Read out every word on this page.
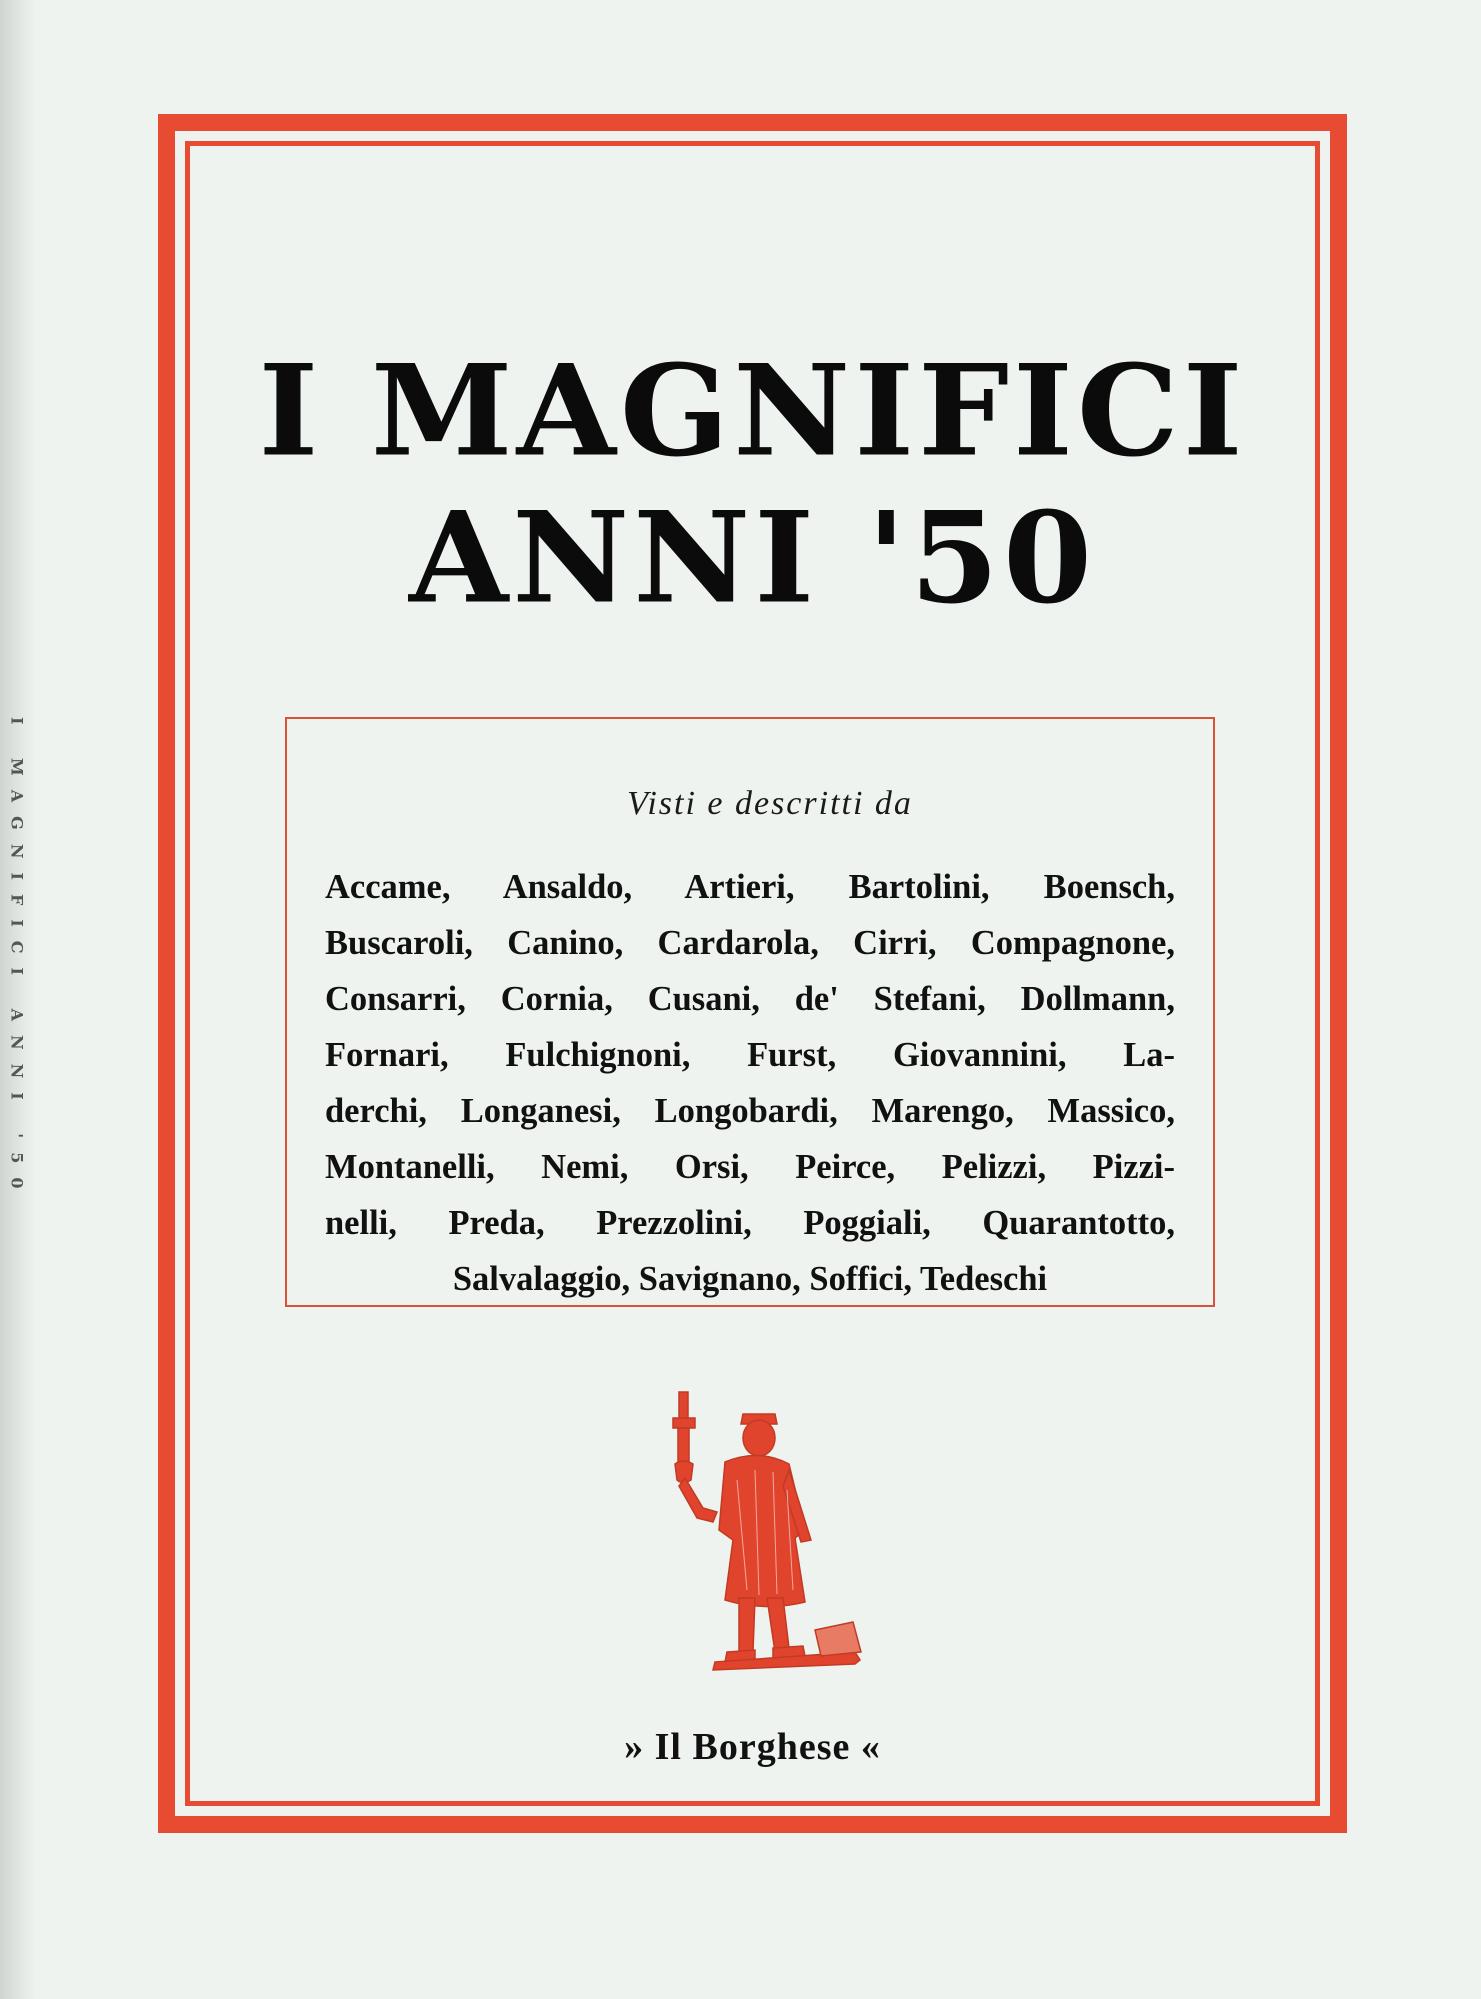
I MAGNIFICI ANNI '50
I MAGNIFICI
ANNI '50
Visti e descritti da
Accame, Ansaldo, Artieri, Bartolini, Boensch,
Buscaroli, Canino, Cardarola, Cirri, Compagnone,
Consarri, Cornia, Cusani, de' Stefani, Dollmann,
Fornari, Fulchignoni, Furst, Giovannini, La-
derchi, Longanesi, Longobardi, Marengo, Massico,
Montanelli, Nemi, Orsi, Peirce, Pelizzi, Pizzi-
nelli, Preda, Prezzolini, Poggiali, Quarantotto,
Salvalaggio, Savignano, Soffici, Tedeschi
» Il Borghese «
